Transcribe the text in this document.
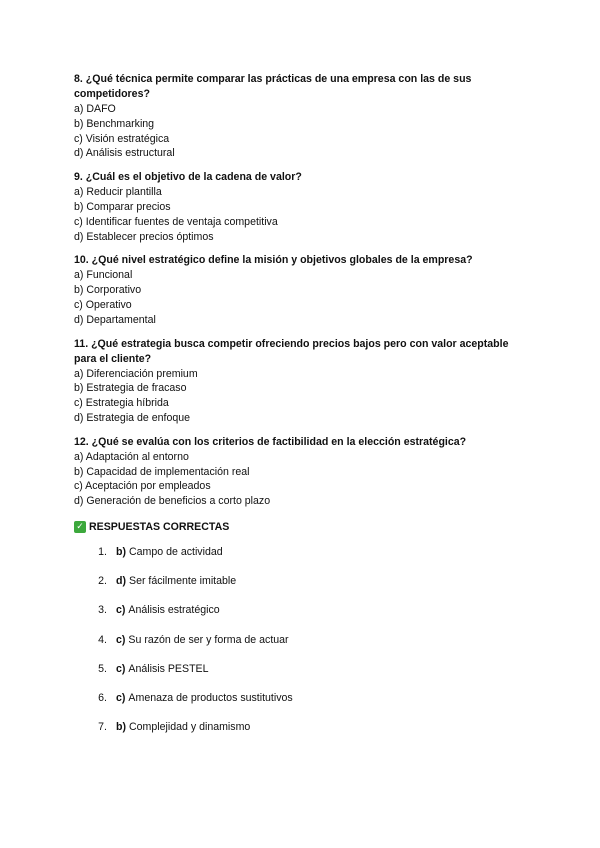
8. ¿Qué técnica permite comparar las prácticas de una empresa con las de sus
competidores?

a) DAFO

b) Benchmarking

c) Visión estratégica

d) Análisis estructural

9. ¿Cuál es el objetivo de la cadena de valor?

a) Reducir plantilla

b) Comparar precios

c) Identificar fuentes de ventaja competitiva

d) Establecer precios óptimos

10. ¿Qué nivel estratégico define la misión y objetivos globales de la empresa?

a) Funcional

b) Corporativo

c) Operativo

d) Departamental

11. ¿Qué estrategia busca competir ofreciendo precios bajos pero con valor aceptable
para el cliente?

a) Diferenciación premium

b) Estrategia de fracaso

c) Estrategia híbrida

d) Estrategia de enfoque

12. ¿Qué se evalúa con los criterios de factibilidad en la elección estratégica?

a) Adaptación al entorno

b) Capacidad de implementación real

c) Aceptación por empleados

d) Generación de beneficios a corto plazo

✓ RESPUESTAS CORRECTAS
1. b) Campo de actividad
2. d) Ser fácilmente imitable
3. c) Análisis estratégico
4. c) Su razón de ser y forma de actuar
5. c) Análisis PESTEL
6. c) Amenaza de productos sustitutivos
7. b) Complejidad y dinamismo
